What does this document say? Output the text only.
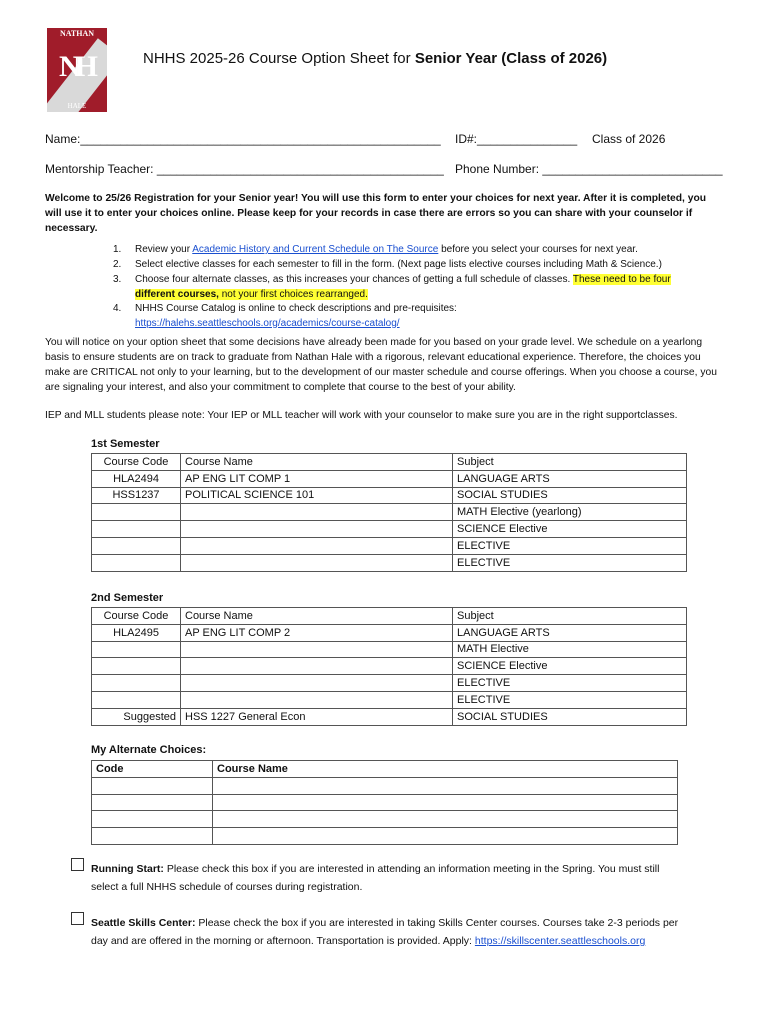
NATHAN
NH
HALE
NHHS 2025-26 Course Option Sheet for Senior Year (Class of 2026)
Name:______________________________________________________ ID#:_______________ Class of 2026
Mentorship Teacher: ___________________________________________ Phone Number: ___________________________

Welcome to 25/26 Registration for your Senior year! You will use this form to enter your choices for next year. After it is completed, you will use it to enter your choices online. Please keep for your records in case there are errors so you can share with your counselor if necessary.

1. Review your Academic History and Current Schedule on The Source before you select your courses for next year.
2. Select elective classes for each semester to fill in the form. (Next page lists elective courses including Math & Science.)
3. Choose four alternate classes, as this increases your chances of getting a full schedule of classes. These need to be four
different courses, not your first choices rearranged.
4. NHHS Course Catalog is online to check descriptions and pre-requisites:
https://halehs.seattleschools.org/academics/course-catalog/

You will notice on your option sheet that some decisions have already been made for you based on your grade level. We schedule on a yearlong basis to ensure students are on track to graduate from Nathan Hale with a rigorous, relevant educational experience. Therefore, the choices you make are CRITICAL not only to your learning, but to the development of our master schedule and course offerings. When you choose a course, you are signaling your interest, and also your commitment to complete that course to the best of your ability.

IEP and MLL students please note: Your IEP or MLL teacher will work with your counselor to make sure you are in the right supportclasses.

1st Semester
Course Code	Course Name	Subject
HLA2494	AP ENG LIT COMP 1	LANGUAGE ARTS
HSS1237	POLITICAL SCIENCE 101	SOCIAL STUDIES
		MATH Elective (yearlong)
		SCIENCE Elective
		ELECTIVE
		ELECTIVE
2nd Semester
Course Code	Course Name	Subject
HLA2495	AP ENG LIT COMP 2	LANGUAGE ARTS
		MATH Elective
		SCIENCE Elective
		ELECTIVE
		ELECTIVE
Suggested	HSS 1227 General Econ	SOCIAL STUDIES
My Alternate Choices:
Code	Course Name

Running Start: Please check this box if you are interested in attending an information meeting in the Spring. You must still
select a full NHHS schedule of courses during registration.
Seattle Skills Center: Please check the box if you are interested in taking Skills Center courses. Courses take 2-3 periods per
day and are offered in the morning or afternoon. Transportation is provided. Apply: https://skillscenter.seattleschools.org
